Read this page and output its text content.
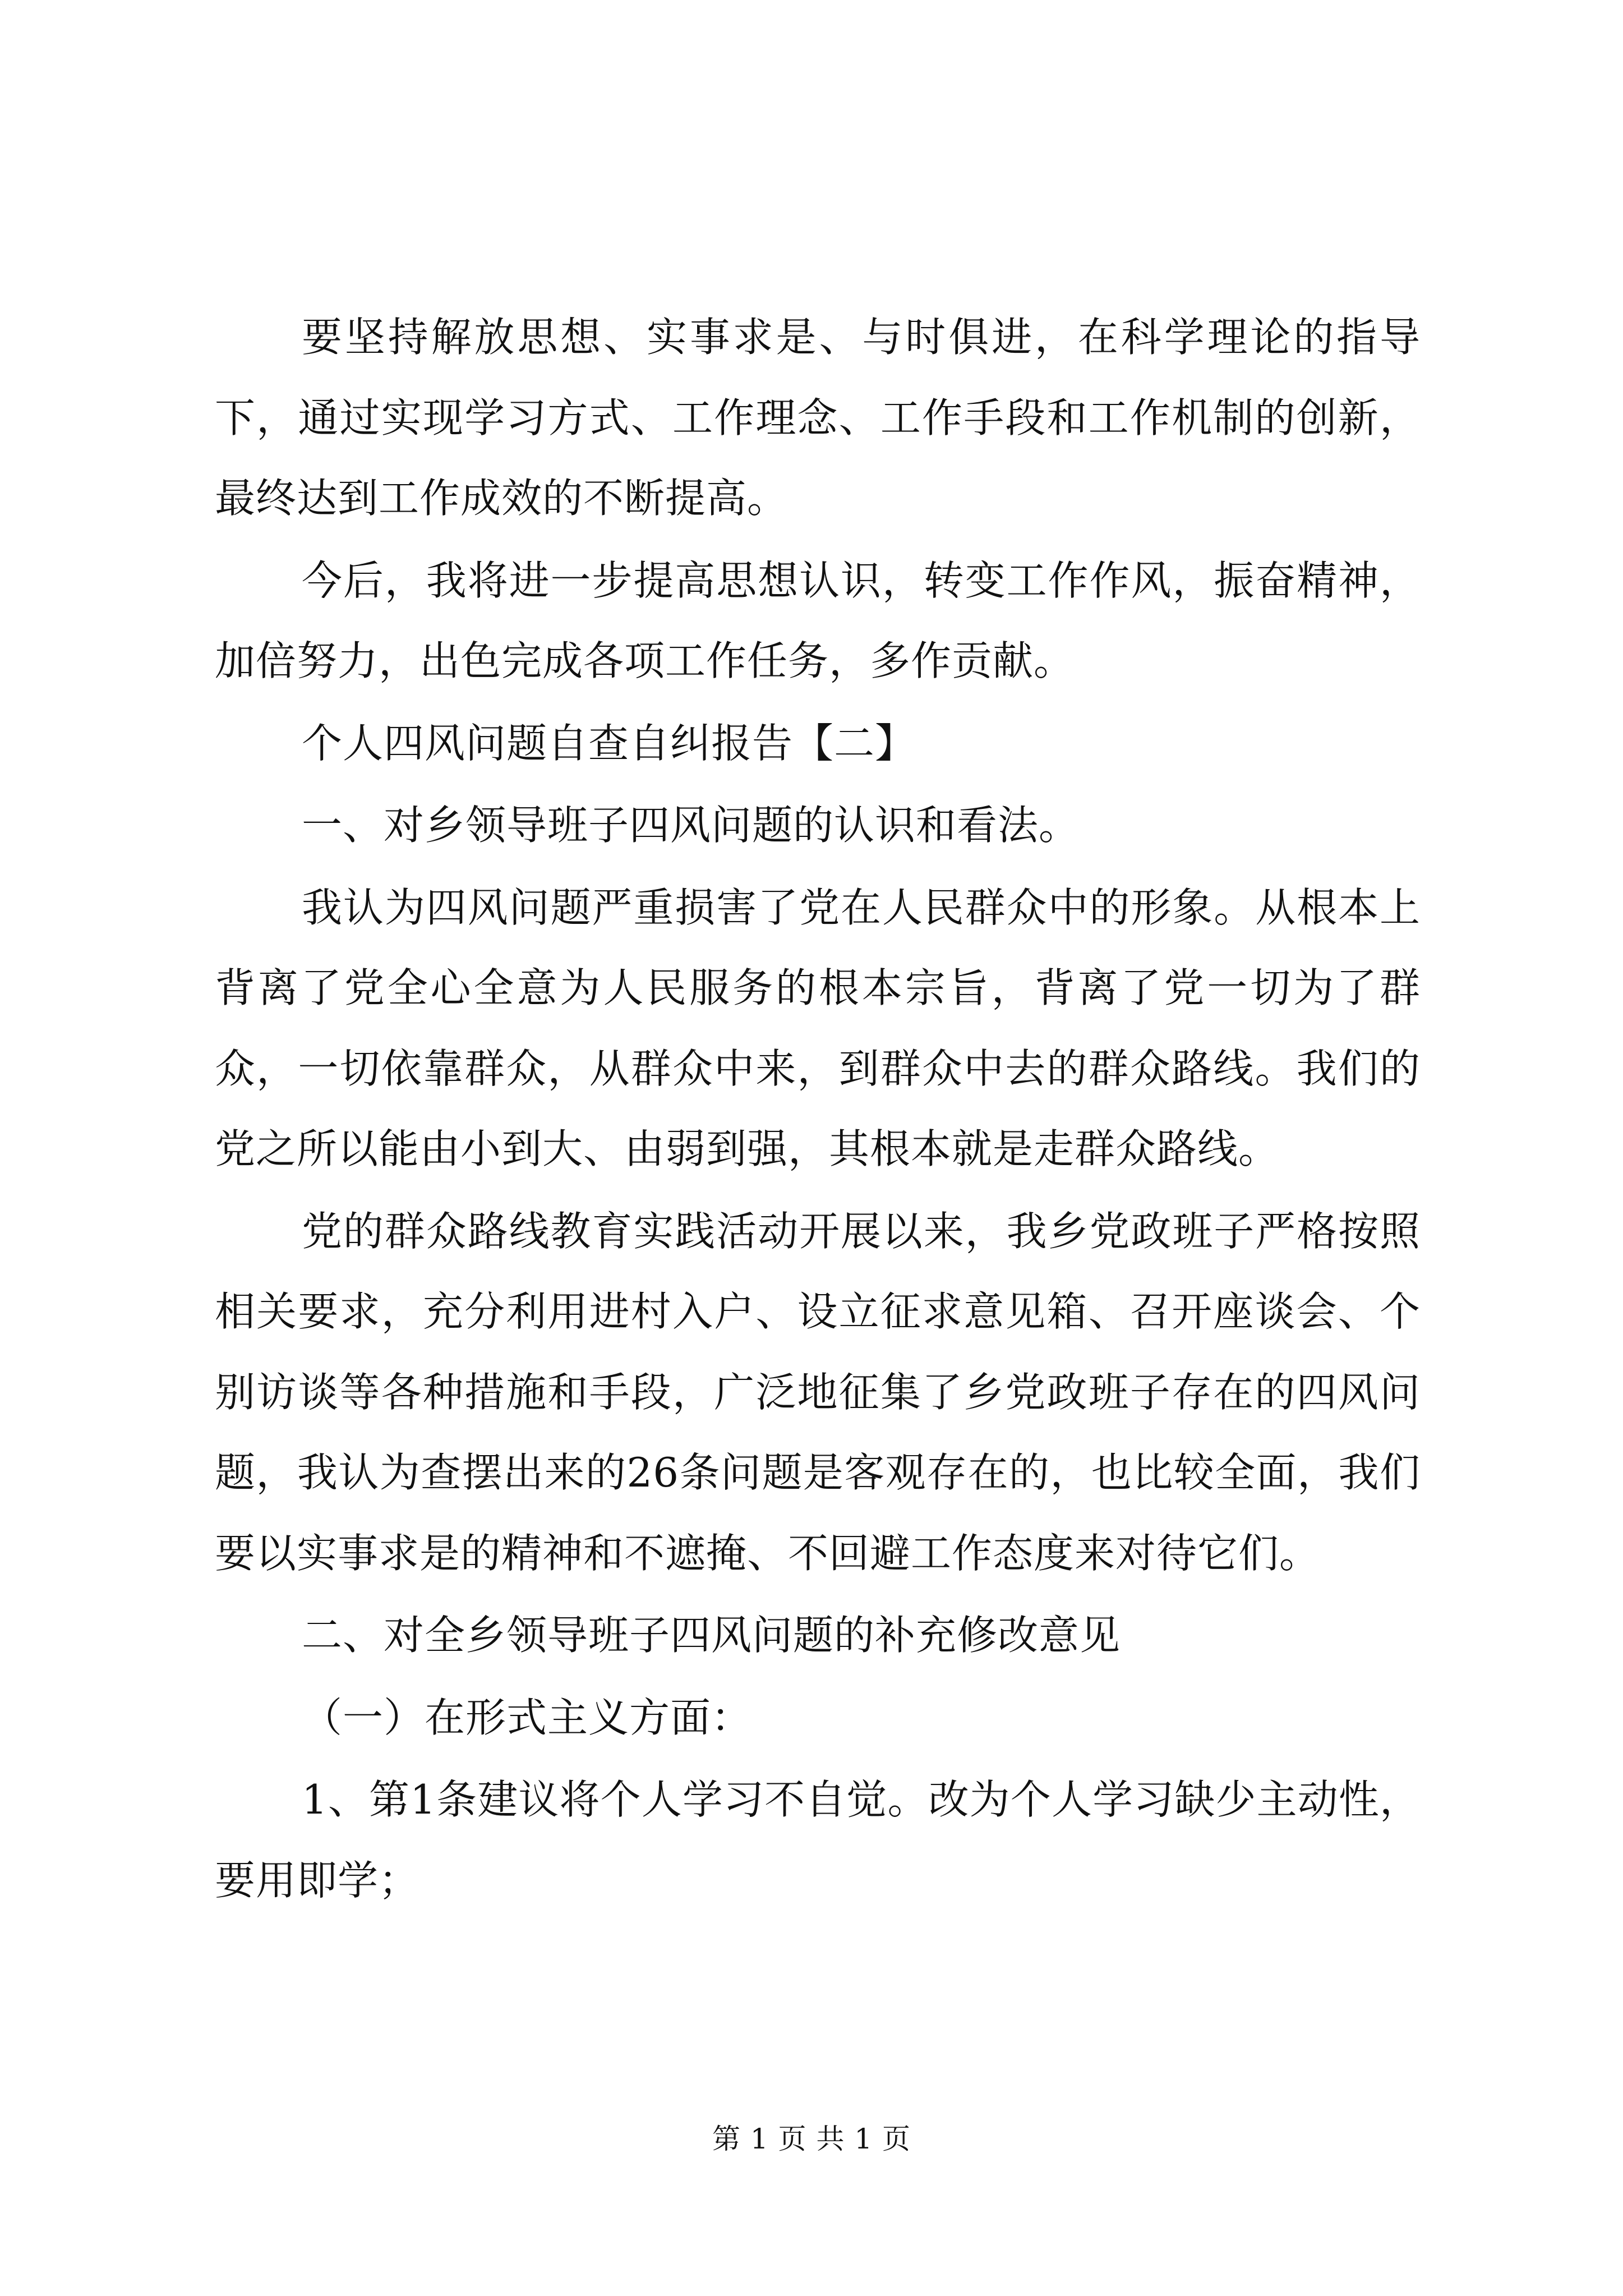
要坚持解放思想、实事求是、与时俱进，在科学理论的指导下，通过实现学习方式、工作理念、工作手段和工作机制的创新，最终达到工作成效的不断提高。

今后，我将进一步提高思想认识，转变工作作风，振奋精神，加倍努力，出色完成各项工作任务，多作贡献。

个人四风问题自查自纠报告【二】

一、对乡领导班子四风问题的认识和看法。

我认为四风问题严重损害了党在人民群众中的形象。从根本上背离了党全心全意为人民服务的根本宗旨，背离了党一切为了群众，一切依靠群众，从群众中来，到群众中去的群众路线。我们的党之所以能由小到大、由弱到强，其根本就是走群众路线。

党的群众路线教育实践活动开展以来，我乡党政班子严格按照相关要求，充分利用进村入户、设立征求意见箱、召开座谈会、个别访谈等各种措施和手段，广泛地征集了乡党政班子存在的四风问题，我认为查摆出来的26条问题是客观存在的，也比较全面，我们要以实事求是的精神和不遮掩、不回避工作态度来对待它们。

二、对全乡领导班子四风问题的补充修改意见

（一）在形式主义方面：

1、第1条建议将个人学习不自觉。改为个人学习缺少主动性，要用即学；

第 1 页 共 1 页
